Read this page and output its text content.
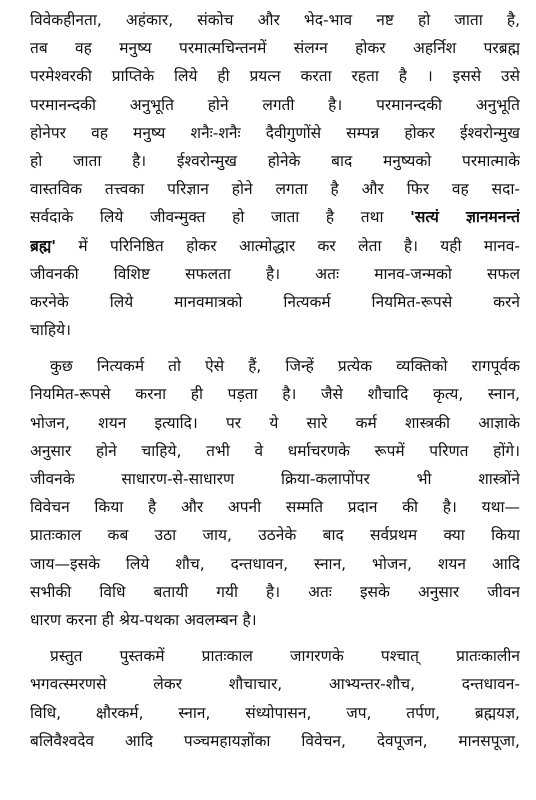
विवेकहीनता, अहंकार, संकोच और भेद-भाव नष्ट हो जाता है,
तब वह मनुष्य परमात्मचिन्तनमें संलग्न होकर अहर्निश परब्रह्म
परमेश्वरकी प्राप्तिके लिये ही प्रयत्न करता रहता है । इससे उसे
परमानन्दकी अनुभूति होने लगती है। परमानन्दकी अनुभूति
होनेपर वह मनुष्य शनैः-शनैः दैवीगुणोंसे सम्पन्न होकर ईश्वरोन्मुख
हो जाता है। ईश्वरोन्मुख होनेके बाद मनुष्यको परमात्माके
वास्तविक तत्त्वका परिज्ञान होने लगता है और फिर वह सदा-
सर्वदाके लिये जीवन्मुक्त हो जाता है तथा 'सत्यं ज्ञानमनन्तं
ब्रह्म' में परिनिष्ठित होकर आत्मोद्धार कर लेता है। यही मानव-
जीवनकी विशिष्ट सफलता है। अतः मानव-जन्मको सफल
करनेके लिये मानवमात्रको नित्यकर्म नियमित-रूपसे करने
चाहिये।
कुछ नित्यकर्म तो ऐसे हैं, जिन्हें प्रत्येक व्यक्तिको रागपूर्वक
नियमित-रूपसे करना ही पड़ता है। जैसे शौचादि कृत्य, स्नान,
भोजन, शयन इत्यादि। पर ये सारे कर्म शास्त्रकी आज्ञाके
अनुसार होने चाहिये, तभी वे धर्माचरणके रूपमें परिणत होंगे।
जीवनके साधारण-से-साधारण क्रिया-कलापोंपर भी शास्त्रोंने
विवेचन किया है और अपनी सम्मति प्रदान की है। यथा—
प्रातःकाल कब उठा जाय, उठनेके बाद सर्वप्रथम क्या किया
जाय—इसके लिये शौच, दन्तधावन, स्नान, भोजन, शयन आदि
सभीकी विधि बतायी गयी है। अतः इसके अनुसार जीवन
धारण करना ही श्रेय-पथका अवलम्बन है।
प्रस्तुत पुस्तकमें प्रातःकाल जागरणके पश्चात् प्रातःकालीन
भगवत्स्मरणसे लेकर शौचाचार, आभ्यन्तर-शौच, दन्तधावन-
विधि, क्षौरकर्म, स्नान, संध्योपासन, जप, तर्पण, ब्रह्मयज्ञ,
बलिवैश्वदेव आदि पञ्चमहायज्ञोंका विवेचन, देवपूजन, मानसपूजा,
